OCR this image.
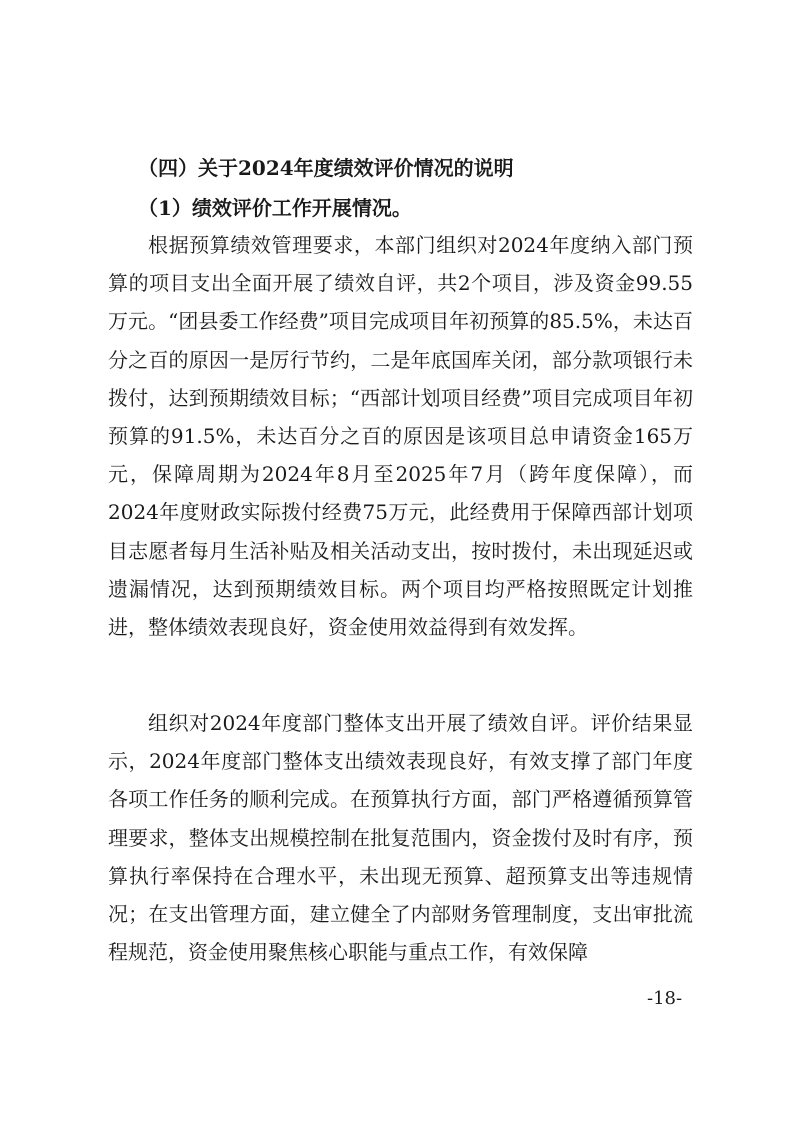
（四）关于2024年度绩效评价情况的说明
（1）绩效评价工作开展情况。

根据预算绩效管理要求，本部门组织对2024年度纳入部门预算的项目支出全面开展了绩效自评，共2个项目，涉及资金99.55万元。“团县委工作经费”项目完成项目年初预算的85.5%，未达百分之百的原因一是厉行节约，二是年底国库关闭，部分款项银行未拨付，达到预期绩效目标；“西部计划项目经费”项目完成项目年初预算的91.5%，未达百分之百的原因是该项目总申请资金165万元，保障周期为2024年8月至2025年7月（跨年度保障），而2024年度财政实际拨付经费75万元，此经费用于保障西部计划项目志愿者每月生活补贴及相关活动支出，按时拨付，未出现延迟或遗漏情况，达到预期绩效目标。两个项目均严格按照既定计划推进，整体绩效表现良好，资金使用效益得到有效发挥。

组织对2024年度部门整体支出开展了绩效自评。评价结果显示，2024年度部门整体支出绩效表现良好，有效支撑了部门年度各项工作任务的顺利完成。在预算执行方面，部门严格遵循预算管理要求，整体支出规模控制在批复范围内，资金拨付及时有序，预算执行率保持在合理水平，未出现无预算、超预算支出等违规情况；在支出管理方面，建立健全了内部财务管理制度，支出审批流程规范，资金使用聚焦核心职能与重点工作，有效保障

-18-
